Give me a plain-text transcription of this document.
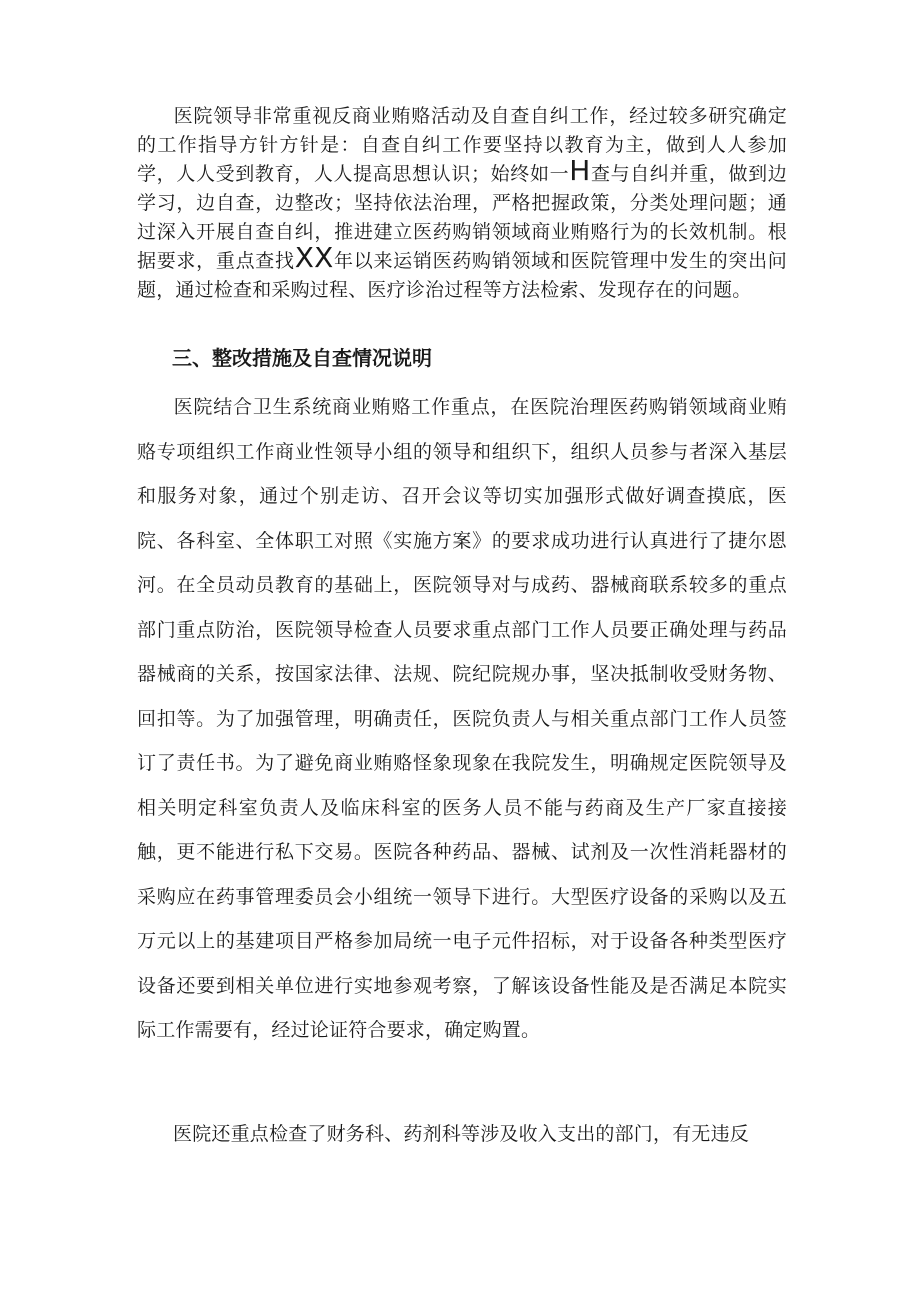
医院领导非常重视反商业贿赂活动及自查自纠工作，经过较多研究确定的工作指导方针方针是：自查自纠工作要坚持以教育为主，做到人人参加学，人人受到教育，人人提高思想认识；始终如一H查与自纠并重，做到边学习，边自查，边整改；坚持依法治理，严格把握政策，分类处理问题；通过深入开展自查自纠，推进建立医药购销领域商业贿赂行为的长效机制。根据要求，重点查找XX年以来运销医药购销领域和医院管理中发生的突出问题，通过检查和采购过程、医疗诊治过程等方法检索、发现存在的问题。

三、整改措施及自查情况说明

医院结合卫生系统商业贿赂工作重点，在医院治理医药购销领域商业贿赂专项组织工作商业性领导小组的领导和组织下，组织人员参与者深入基层和服务对象，通过个别走访、召开会议等切实加强形式做好调查摸底，医院、各科室、全体职工对照《实施方案》的要求成功进行认真进行了捷尔恩河。在全员动员教育的基础上，医院领导对与成药、器械商联系较多的重点部门重点防治，医院领导检查人员要求重点部门工作人员要正确处理与药品器械商的关系，按国家法律、法规、院纪院规办事，坚决抵制收受财务物、回扣等。为了加强管理，明确责任，医院负责人与相关重点部门工作人员签订了责任书。为了避免商业贿赂怪象现象在我院发生，明确规定医院领导及相关明定科室负责人及临床科室的医务人员不能与药商及生产厂家直接接触，更不能进行私下交易。医院各种药品、器械、试剂及一次性消耗器材的采购应在药事管理委员会小组统一领导下进行。大型医疗设备的采购以及五万元以上的基建项目严格参加局统一电子元件招标，对于设备各种类型医疗设备还要到相关单位进行实地参观考察，了解该设备性能及是否满足本院实际工作需要有，经过论证符合要求，确定购置。

医院还重点检查了财务科、药剂科等涉及收入支出的部门，有无违反
